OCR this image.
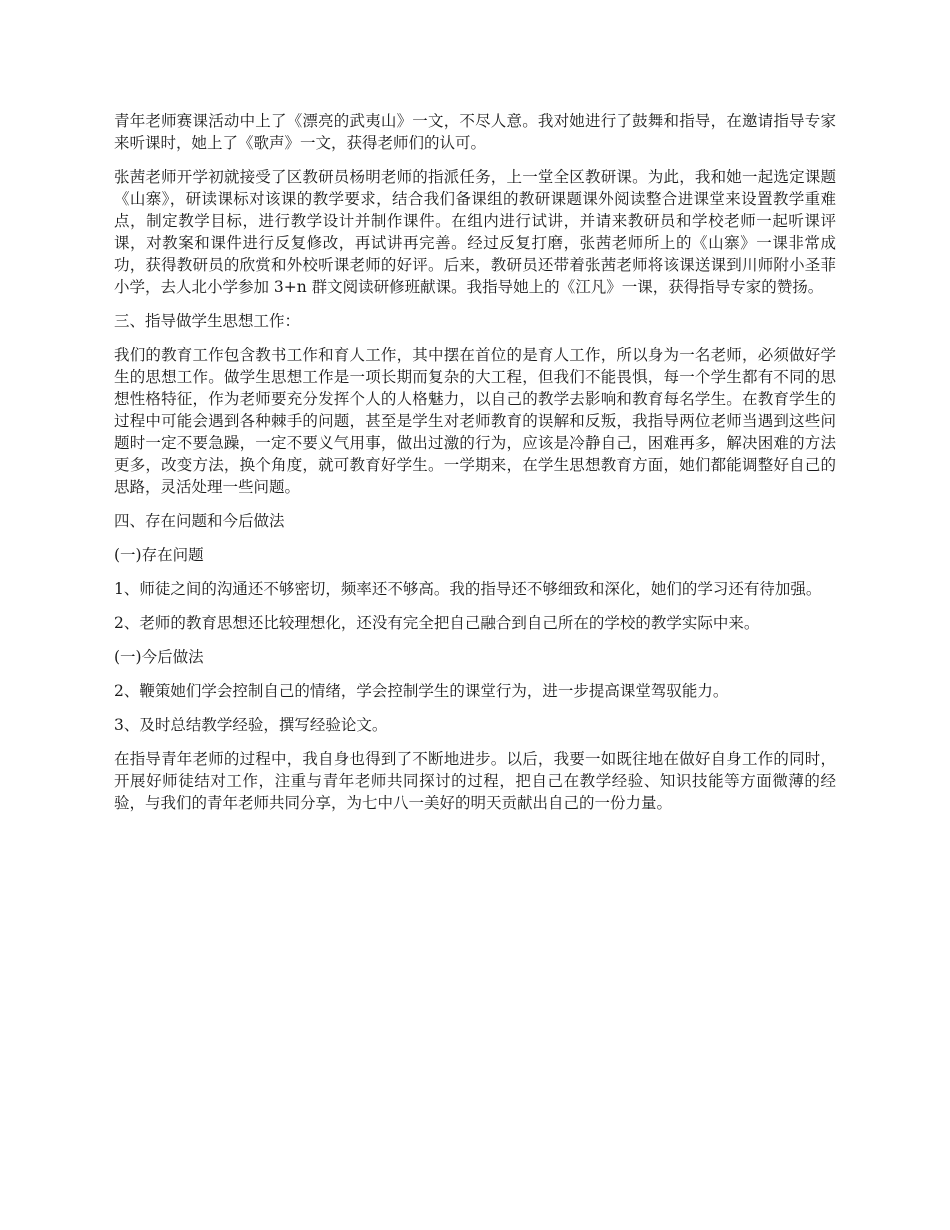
青年老师赛课活动中上了《漂亮的武夷山》一文，不尽人意。我对她进行了鼓舞和指导，在邀请指导专家来听课时，她上了《歌声》一文，获得老师们的认可。

张茜老师开学初就接受了区教研员杨明老师的指派任务，上一堂全区教研课。为此，我和她一起选定课题《山寨》，研读课标对该课的教学要求，结合我们备课组的教研课题课外阅读整合进课堂来设置教学重难点，制定教学目标，进行教学设计并制作课件。在组内进行试讲，并请来教研员和学校老师一起听课评课，对教案和课件进行反复修改，再试讲再完善。经过反复打磨，张茜老师所上的《山寨》一课非常成功，获得教研员的欣赏和外校听课老师的好评。后来，教研员还带着张茜老师将该课送课到川师附小圣菲小学，去人北小学参加 3+n 群文阅读研修班献课。我指导她上的《江凡》一课，获得指导专家的赞扬。

三、指导做学生思想工作：

我们的教育工作包含教书工作和育人工作，其中摆在首位的是育人工作，所以身为一名老师，必须做好学生的思想工作。做学生思想工作是一项长期而复杂的大工程，但我们不能畏惧，每一个学生都有不同的思想性格特征，作为老师要充分发挥个人的人格魅力，以自己的教学去影响和教育每名学生。在教育学生的过程中可能会遇到各种棘手的问题，甚至是学生对老师教育的误解和反叛，我指导两位老师当遇到这些问题时一定不要急躁，一定不要义气用事，做出过激的行为，应该是冷静自己，困难再多，解决困难的方法更多，改变方法，换个角度，就可教育好学生。一学期来，在学生思想教育方面，她们都能调整好自己的思路，灵活处理一些问题。

四、存在问题和今后做法

(一)存在问题

1、师徒之间的沟通还不够密切，频率还不够高。我的指导还不够细致和深化，她们的学习还有待加强。

2、老师的教育思想还比较理想化，还没有完全把自己融合到自己所在的学校的教学实际中来。

(一)今后做法

2、鞭策她们学会控制自己的情绪，学会控制学生的课堂行为，进一步提高课堂驾驭能力。

3、及时总结教学经验，撰写经验论文。

在指导青年老师的过程中，我自身也得到了不断地进步。以后，我要一如既往地在做好自身工作的同时，开展好师徒结对工作，注重与青年老师共同探讨的过程，把自己在教学经验、知识技能等方面微薄的经验，与我们的青年老师共同分享，为七中八一美好的明天贡献出自己的一份力量。
